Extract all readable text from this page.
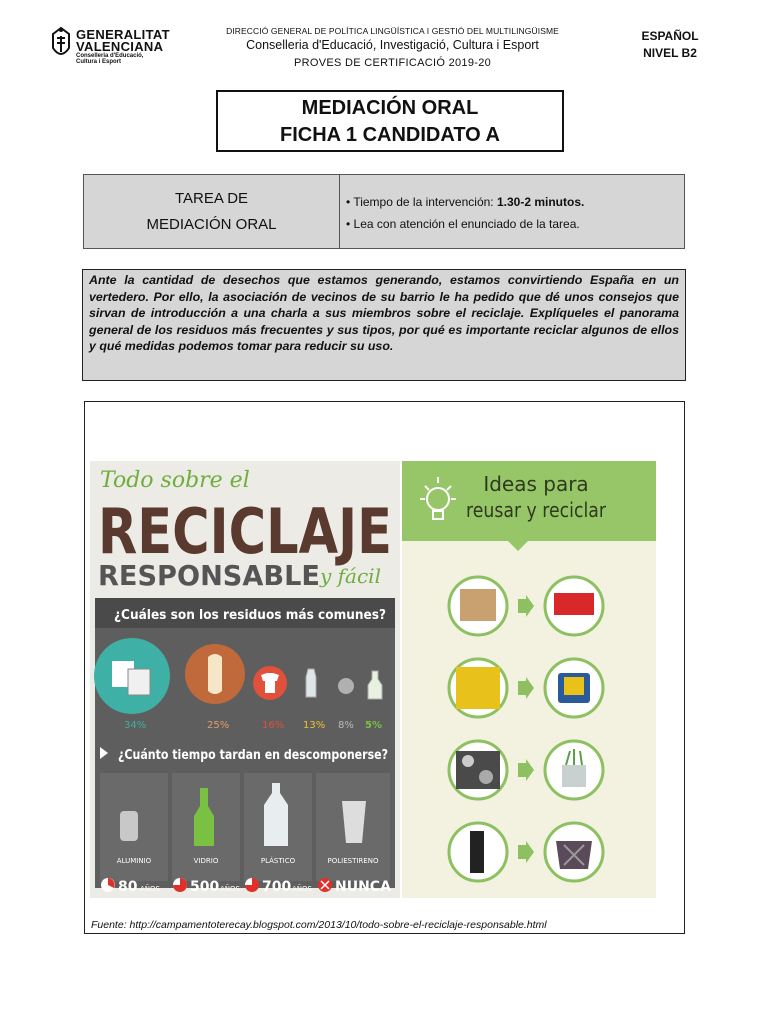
GENERALITAT
VALENCIANA
Conselleria d'Educació,
Cultura i Esport
DIRECCIÓ GENERAL DE POLÍTICA LINGÜÍSTICA I GESTIÓ DEL MULTILINGÜISME
Conselleria d'Educació, Investigació, Cultura i Esport
PROVES DE CERTIFICACIÓ 2019-20
ESPAÑOL
NIVEL B2
MEDIACIÓN ORAL
FICHA 1 CANDIDATO A
TAREA DE
MEDIACIÓN ORAL
• Tiempo de la intervención: 1.30-2 minutos.
• Lea con atención el enunciado de la tarea.
Ante la cantidad de desechos que estamos generando, estamos convirtiendo España en un vertedero. Por ello, la asociación de vecinos de su barrio le ha pedido que dé unos consejos que sirvan de introducción a una charla a sus miembros sobre el reciclaje. Explíqueles el panorama general de los residuos más frecuentes y sus tipos, por qué es importante reciclar algunos de ellos y qué medidas podemos tomar para reducir su uso.
Todo sobre el
RECICLAJE
RESPONSABLE y fácil
¿Cuáles son los residuos más comunes?
34%	25%	16% 13% 8% 5%
¿Cuánto tiempo tardan en descomponerse?
ALUMINIO	VIDRIO	PLÁSTICO	POLIESTIRENO
80 AÑOS 500 AÑOS 700 AÑOS NUNCA
Ideas para
reusar y reciclar
Fuente: http://campamentoterecay.blogspot.com/2013/10/todo-sobre-el-reciclaje-responsable.html
